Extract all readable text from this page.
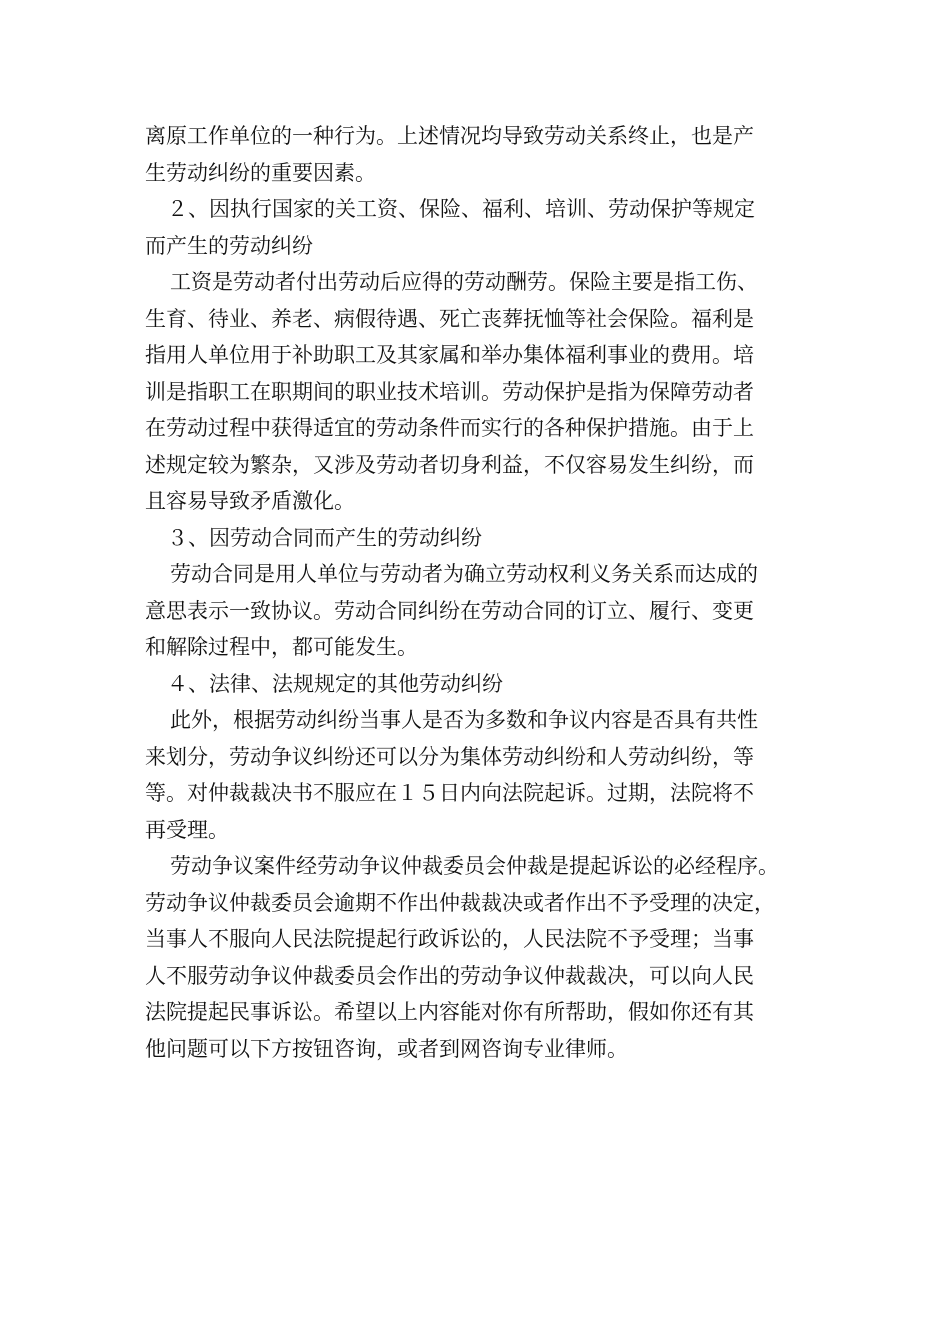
离原工作单位的一种行为。上述情况均导致劳动关系终止，也是产
生劳动纠纷的重要因素。
２、因执行国家的关工资、保险、福利、培训、劳动保护等规定
而产生的劳动纠纷
工资是劳动者付出劳动后应得的劳动酬劳。保险主要是指工伤、
生育、待业、养老、病假待遇、死亡丧葬抚恤等社会保险。福利是
指用人单位用于补助职工及其家属和举办集体福利事业的费用。培
训是指职工在职期间的职业技术培训。劳动保护是指为保障劳动者
在劳动过程中获得适宜的劳动条件而实行的各种保护措施。由于上
述规定较为繁杂，又涉及劳动者切身利益，不仅容易发生纠纷，而
且容易导致矛盾激化。
３、因劳动合同而产生的劳动纠纷
劳动合同是用人单位与劳动者为确立劳动权利义务关系而达成的
意思表示一致协议。劳动合同纠纷在劳动合同的订立、履行、变更
和解除过程中，都可能发生。
４、法律、法规规定的其他劳动纠纷
此外，根据劳动纠纷当事人是否为多数和争议内容是否具有共性
来划分，劳动争议纠纷还可以分为集体劳动纠纷和人劳动纠纷，等
等。对仲裁裁决书不服应在１５日内向法院起诉。过期，法院将不
再受理。
劳动争议案件经劳动争议仲裁委员会仲裁是提起诉讼的必经程序。
劳动争议仲裁委员会逾期不作出仲裁裁决或者作出不予受理的决定，
当事人不服向人民法院提起行政诉讼的，人民法院不予受理；当事
人不服劳动争议仲裁委员会作出的劳动争议仲裁裁决，可以向人民
法院提起民事诉讼。希望以上内容能对你有所帮助，假如你还有其
他问题可以下方按钮咨询，或者到网咨询专业律师。
